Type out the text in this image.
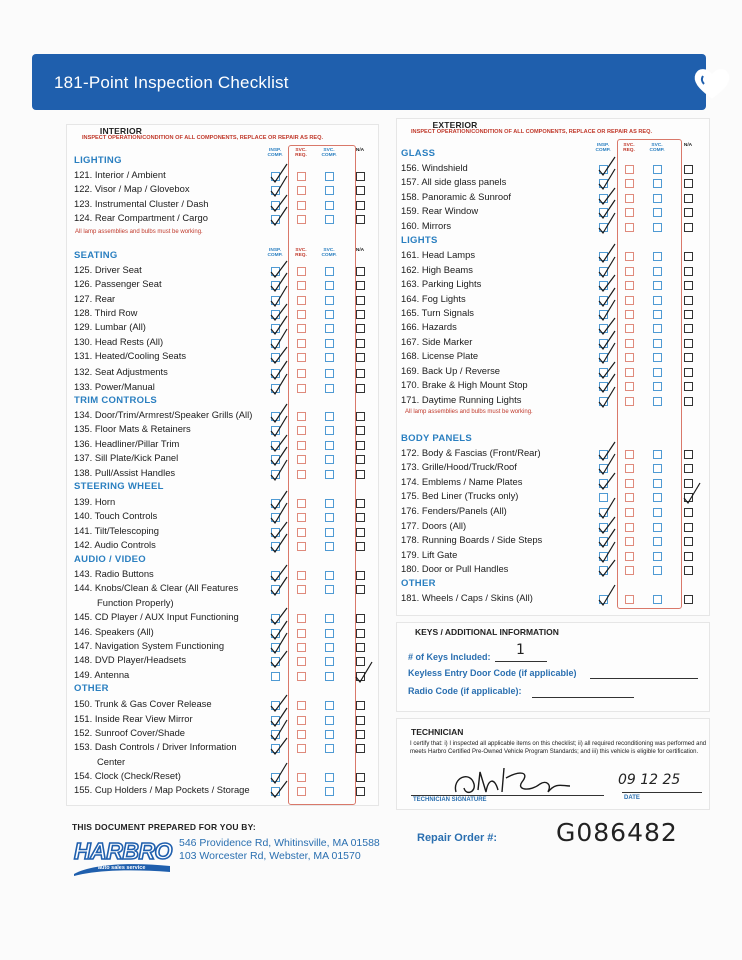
181-Point Inspection Checklist
INTERIOR
INSPECT OPERATION/CONDITION OF ALL COMPONENTS, REPLACE OR REPAIR AS REQ.
EXTERIOR
INSPECT OPERATION/CONDITION OF ALL COMPONENTS, REPLACE OR REPAIR AS REQ.
KEYS / ADDITIONAL INFORMATION
# of Keys Included: 1
Keyless Entry Door Code (if applicable)
Radio Code (if applicable):
TECHNICIAN
I certify that: i) I inspected all applicable items on this checklist; ii) all required reconditioning was performed and meets Harbro Certified Pre-Owned Vehicle Program Standards; and iii) this vehicle is eligible for certification.
TECHNICIAN SIGNATURE	DATE
09 12 25
THIS DOCUMENT PREPARED FOR YOU BY:
HARBRO
auto sales service
546 Providence Rd, Whitinsville, MA 01588
103 Worcester Rd, Webster, MA 01570
Repair Order #: G086482
LIGHTING
121. Interior / Ambient
122. Visor / Map / Glovebox
123. Instrumental Cluster / Dash
124. Rear Compartment / Cargo
SEATING
125. Driver Seat
126. Passenger Seat
127. Rear
128. Third Row
129. Lumbar (All)
130. Head Rests (All)
131. Heated/Cooling Seats
132. Seat Adjustments
133. Power/Manual
TRIM CONTROLS
134. Door/Trim/Armrest/Speaker Grills (All)
135. Floor Mats & Retainers
136. Headliner/Pillar Trim
137. Sill Plate/Kick Panel
138. Pull/Assist Handles
STEERING WHEEL
139. Horn
140. Touch Controls
141. Tilt/Telescoping
142. Audio Controls
AUDIO / VIDEO
143. Radio Buttons
144. Knobs/Clean & Clear (All Features
Function Properly)
145. CD Player / AUX Input Functioning
146. Speakers (All)
147. Navigation System Functioning
148. DVD Player/Headsets
149. Antenna
OTHER
150. Trunk & Gas Cover Release
151. Inside Rear View Mirror
152. Sunroof Cover/Shade
153. Dash Controls / Driver Information
Center
154. Clock (Check/Reset)
155. Cup Holders / Map Pockets / Storage
INSP. COMP.
SVC. REQ.
SVC. COMP.
N/A
INSP. COMP.
SVC. REQ.
SVC. COMP.
N/A
All lamp assemblies and bulbs must be working.
GLASS
156. Windshield
157. All side glass panels
158. Panoramic & Sunroof
159. Rear Window
160. Mirrors
LIGHTS
161. Head Lamps
162. High Beams
163. Parking Lights
164. Fog Lights
165. Turn Signals
166. Hazards
167. Side Marker
168. License Plate
169. Back Up / Reverse
170. Brake & High Mount Stop
171. Daytime Running Lights
BODY PANELS
172. Body & Fascias (Front/Rear)
173. Grille/Hood/Truck/Roof
174. Emblems / Name Plates
175. Bed Liner (Trucks only)
176. Fenders/Panels (All)
177. Doors (All)
178. Running Boards / Side Steps
179. Lift Gate
180. Door or Pull Handles
OTHER
181. Wheels / Caps / Skins (All)
INSP. COMP.
SVC. REQ.
SVC. COMP.
N/A
All lamp assemblies and bulbs must be working.
